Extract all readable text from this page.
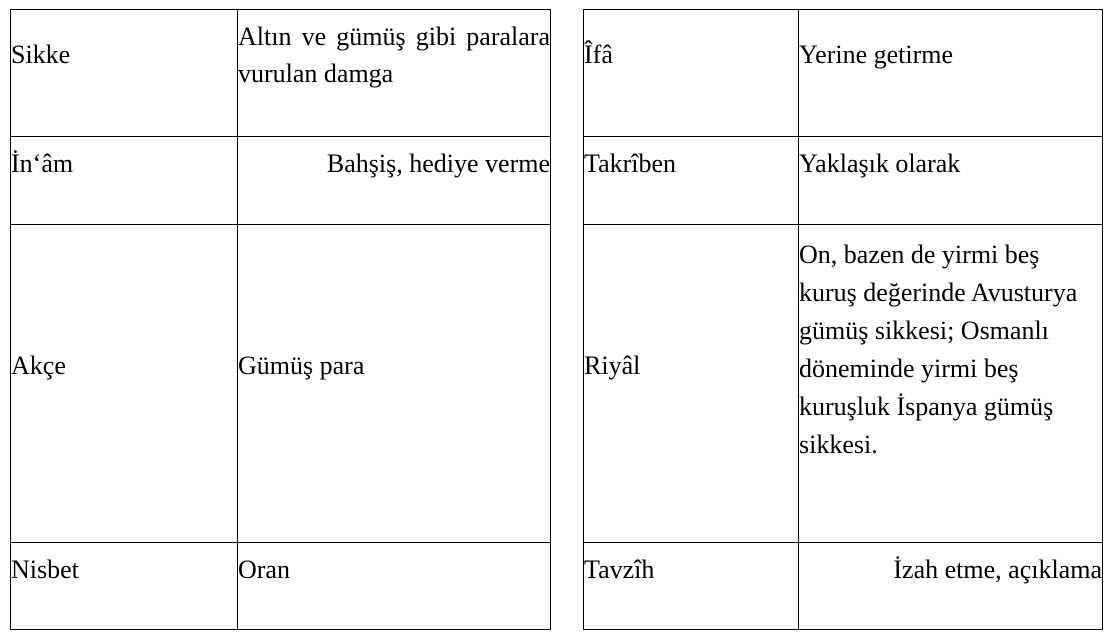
Sikke	Altın ve gümüş gibi paralara vurulan damga

İn‘âm	Bahşiş, hediye verme

Akçe	Gümüş para

Nisbet	Oran
Îfâ	Yerine getirme

Takrîben	Yaklaşık olarak

Riyâl	On, bazen de yirmi beş kuruş değerinde Avusturya gümüş sikkesi; Osmanlı döneminde yirmi beş kuruşluk İspanya gümüş sikkesi.

Tavzîh	İzah etme, açıklama
